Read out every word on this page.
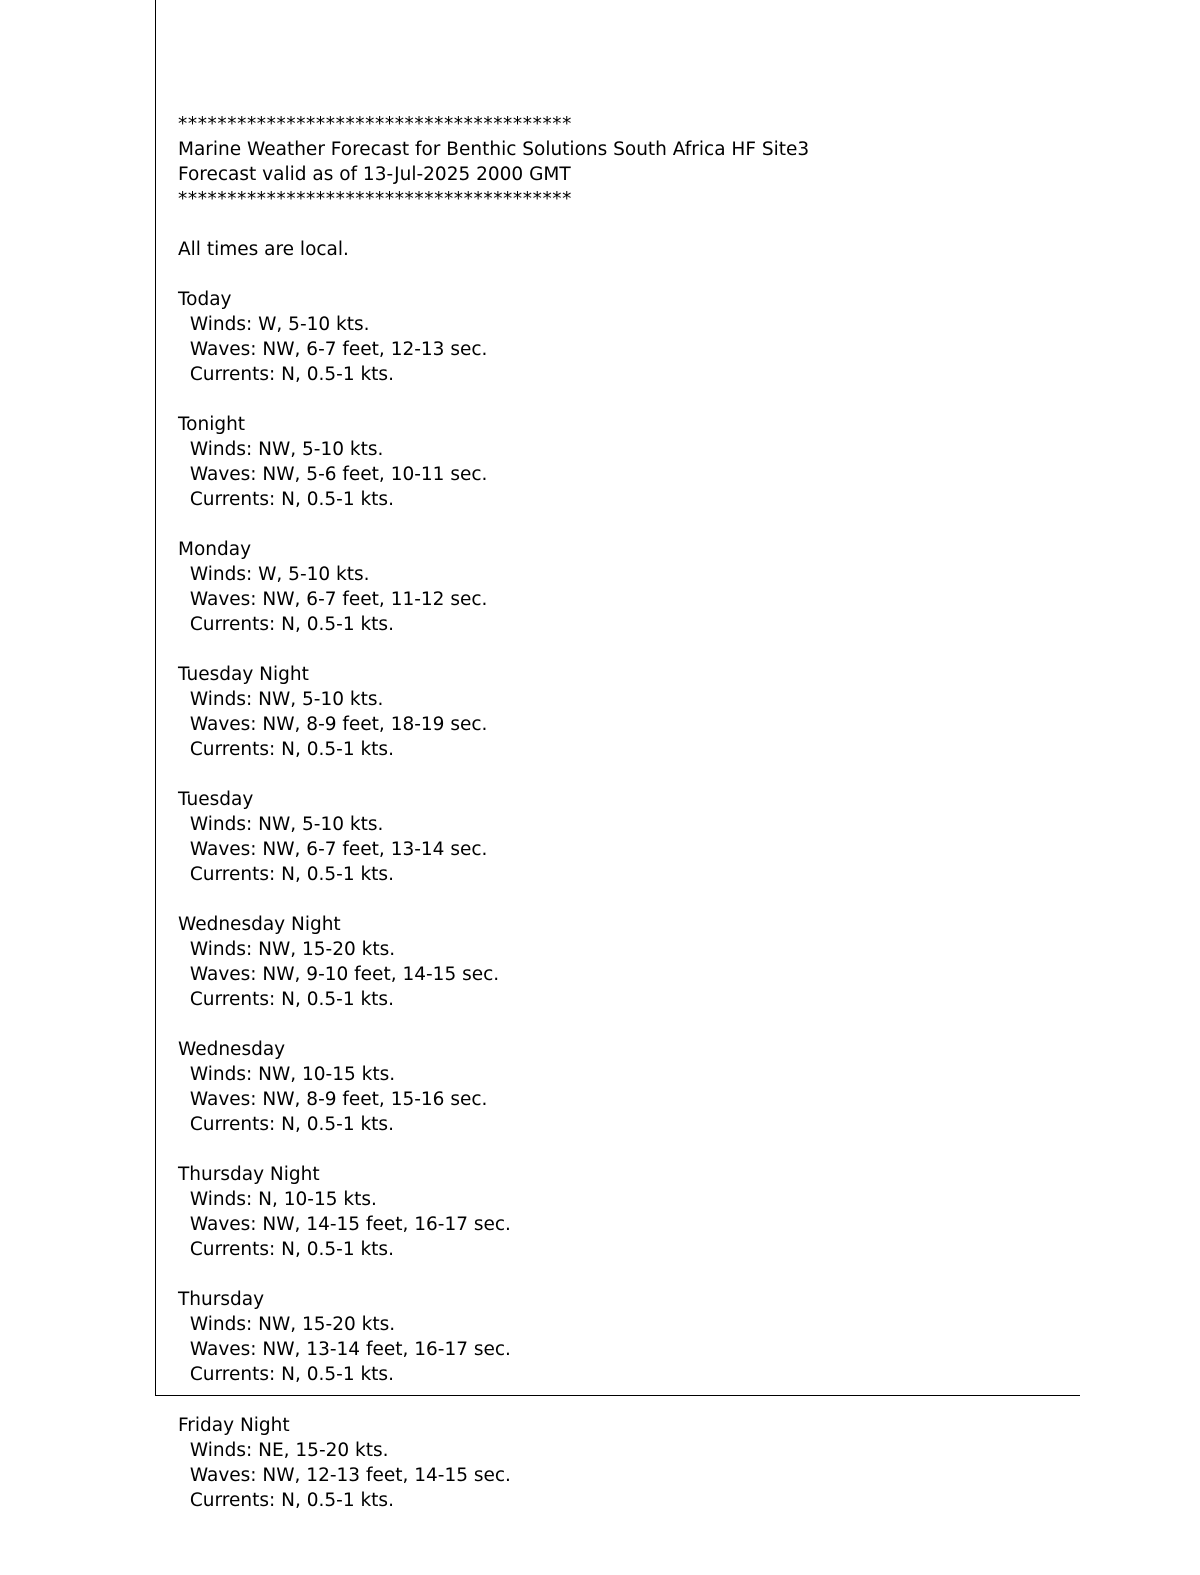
****************************************
Marine Weather Forecast for Benthic Solutions South Africa HF Site3
Forecast valid as of 13-Jul-2025 2000 GMT
****************************************
All times are local.
Today
Winds: W, 5-10 kts.
Waves: NW, 6-7 feet, 12-13 sec.
Currents: N, 0.5-1 kts.
Tonight
Winds: NW, 5-10 kts.
Waves: NW, 5-6 feet, 10-11 sec.
Currents: N, 0.5-1 kts.
Monday
Winds: W, 5-10 kts.
Waves: NW, 6-7 feet, 11-12 sec.
Currents: N, 0.5-1 kts.
Tuesday Night
Winds: NW, 5-10 kts.
Waves: NW, 8-9 feet, 18-19 sec.
Currents: N, 0.5-1 kts.
Tuesday
Winds: NW, 5-10 kts.
Waves: NW, 6-7 feet, 13-14 sec.
Currents: N, 0.5-1 kts.
Wednesday Night
Winds: NW, 15-20 kts.
Waves: NW, 9-10 feet, 14-15 sec.
Currents: N, 0.5-1 kts.
Wednesday
Winds: NW, 10-15 kts.
Waves: NW, 8-9 feet, 15-16 sec.
Currents: N, 0.5-1 kts.
Thursday Night
Winds: N, 10-15 kts.
Waves: NW, 14-15 feet, 16-17 sec.
Currents: N, 0.5-1 kts.
Thursday
Winds: NW, 15-20 kts.
Waves: NW, 13-14 feet, 16-17 sec.
Currents: N, 0.5-1 kts.
Friday Night
Winds: NE, 15-20 kts.
Waves: NW, 12-13 feet, 14-15 sec.
Currents: N, 0.5-1 kts.
